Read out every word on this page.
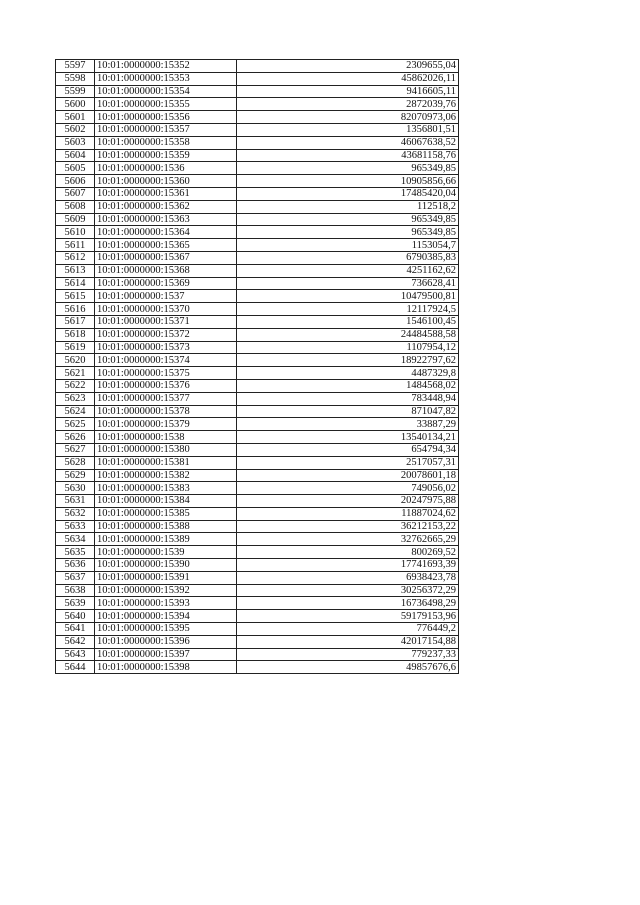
5597	10:01:0000000:15352	2309655,04
5598	10:01:0000000:15353	45862026,11
5599	10:01:0000000:15354	9416605,11
5600	10:01:0000000:15355	2872039,76
5601	10:01:0000000:15356	82070973,06
5602	10:01:0000000:15357	1356801,51
5603	10:01:0000000:15358	46067638,52
5604	10:01:0000000:15359	43681158,76
5605	10:01:0000000:1536	965349,85
5606	10:01:0000000:15360	10905856,66
5607	10:01:0000000:15361	17485420,04
5608	10:01:0000000:15362	112518,2
5609	10:01:0000000:15363	965349,85
5610	10:01:0000000:15364	965349,85
5611	10:01:0000000:15365	1153054,7
5612	10:01:0000000:15367	6790385,83
5613	10:01:0000000:15368	4251162,62
5614	10:01:0000000:15369	736628,41
5615	10:01:0000000:1537	10479500,81
5616	10:01:0000000:15370	12117924,5
5617	10:01:0000000:15371	1546100,45
5618	10:01:0000000:15372	24484588,58
5619	10:01:0000000:15373	1107954,12
5620	10:01:0000000:15374	18922797,62
5621	10:01:0000000:15375	4487329,8
5622	10:01:0000000:15376	1484568,02
5623	10:01:0000000:15377	783448,94
5624	10:01:0000000:15378	871047,82
5625	10:01:0000000:15379	33887,29
5626	10:01:0000000:1538	13540134,21
5627	10:01:0000000:15380	654794,34
5628	10:01:0000000:15381	2517057,31
5629	10:01:0000000:15382	20078601,18
5630	10:01:0000000:15383	749056,02
5631	10:01:0000000:15384	20247975,88
5632	10:01:0000000:15385	11887024,62
5633	10:01:0000000:15388	36212153,22
5634	10:01:0000000:15389	32762665,29
5635	10:01:0000000:1539	800269,52
5636	10:01:0000000:15390	17741693,39
5637	10:01:0000000:15391	6938423,78
5638	10:01:0000000:15392	30256372,29
5639	10:01:0000000:15393	16736498,29
5640	10:01:0000000:15394	59179153,96
5641	10:01:0000000:15395	776449,2
5642	10:01:0000000:15396	42017154,88
5643	10:01:0000000:15397	779237,33
5644	10:01:0000000:15398	49857676,6
